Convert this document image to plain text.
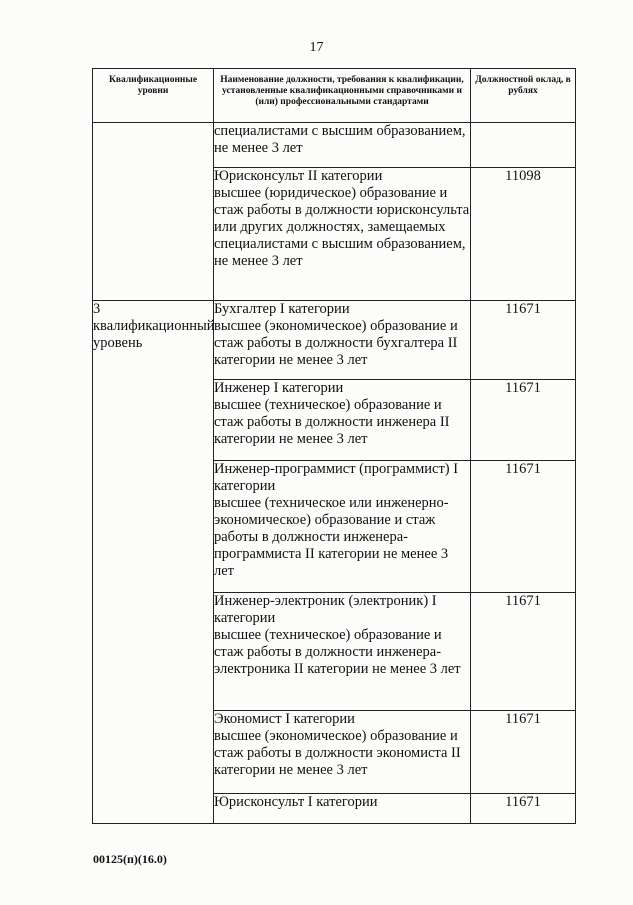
17
Квалификационные уровни	Наименование должности, требования к квалификации, установленные квалификационными справочниками и (или) профессиональными стандартами	Должностной оклад, в рублях

	специалистами с высшим образованием, не менее 3 лет	

	Юрисконсульт II категории
высшее (юридическое) образование и стаж работы в должности юрисконсульта или других должностях, замещаемых специалистами с высшим образованием, не менее 3 лет	11098
3 квалификационный уровень	Бухгалтер I категории
высшее (экономическое) образование и стаж работы в должности бухгалтера II категории не менее 3 лет	11671

	Инженер I категории
высшее (техническое) образование и стаж работы в должности инженера II категории не менее 3 лет	11671

	Инженер-программист (программист) I категории
высшее (техническое или инженерно-экономическое) образование и стаж работы в должности инженера-программиста II категории не менее 3 лет	11671

	Инженер-электроник (электроник) I категории
высшее (техническое) образование и стаж работы в должности инженера-электроника II категории не менее 3 лет	11671

	Экономист I категории
высшее (экономическое) образование и стаж работы в должности экономиста II категории не менее 3 лет	11671

	Юрисконсульт I категории	11671
00125(п)(16.0)
